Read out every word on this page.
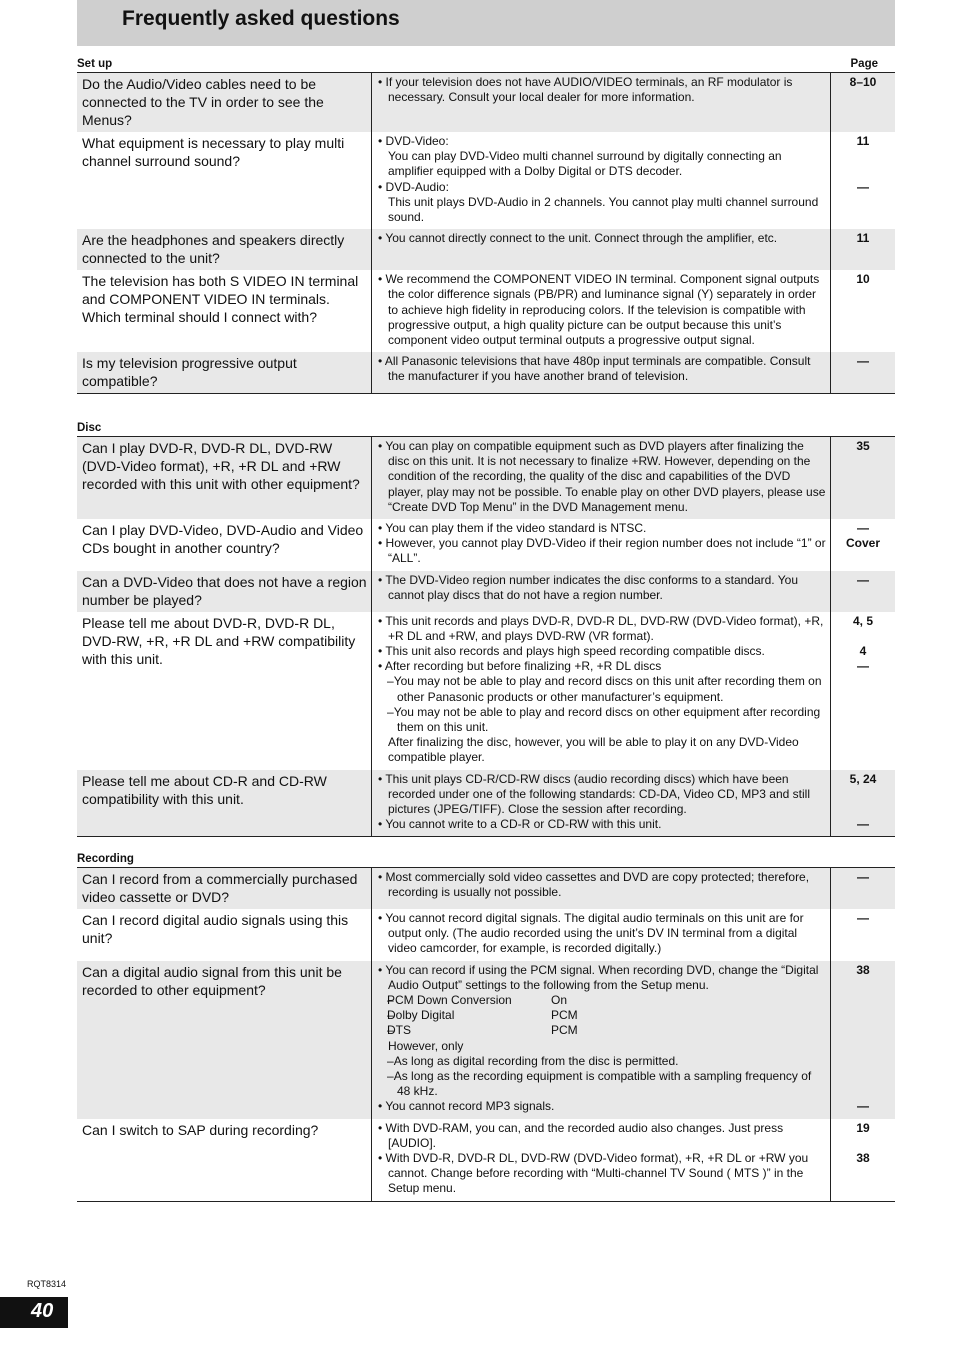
Frequently asked questions
Set up	Page
Do the Audio/Video cables need to be connected to the TV in order to see the Menus?
• If your television does not have AUDIO/VIDEO terminals, an RF modulator is necessary. Consult your local dealer for more information.
8–10
What equipment is necessary to play multi channel surround sound?
• DVD-Video:
You can play DVD-Video multi channel surround by digitally connecting an amplifier equipped with a Dolby Digital or DTS decoder.
• DVD-Audio:
This unit plays DVD-Audio in 2 channels. You cannot play multi channel surround sound.
11
—
Are the headphones and speakers directly connected to the unit?
• You cannot directly connect to the unit. Connect through the amplifier, etc.	11
The television has both S VIDEO IN terminal and COMPONENT VIDEO IN terminals. Which terminal should I connect with?
• We recommend the COMPONENT VIDEO IN terminal. Component signal outputs the color difference signals (PB/PR) and luminance signal (Y) separately in order to achieve high fidelity in reproducing colors. If the television is compatible with progressive output, a high quality picture can be output because this unit’s component video output terminal outputs a progressive output signal.
10
Is my television progressive output compatible?
• All Panasonic televisions that have 480p input terminals are compatible. Consult the manufacturer if you have another brand of television.
—
Disc
Can I play DVD-R, DVD-R DL, DVD-RW (DVD-Video format), +R, +R DL and +RW recorded with this unit with other equipment?
• You can play on compatible equipment such as DVD players after finalizing the disc on this unit. It is not necessary to finalize +RW. However, depending on the condition of the recording, the quality of the disc and capabilities of the DVD player, play may not be possible. To enable play on other DVD players, please use “Create DVD Top Menu” in the DVD Management menu.
35
Can I play DVD-Video, DVD-Audio and Video CDs bought in another country?
• You can play them if the video standard is NTSC.
• However, you cannot play DVD-Video if their region number does not include “1” or “ALL”.
—
Cover
Can a DVD-Video that does not have a region number be played?
• The DVD-Video region number indicates the disc conforms to a standard. You cannot play discs that do not have a region number.
—
Please tell me about DVD-R, DVD-R DL, DVD-RW, +R, +R DL and +RW compatibility with this unit.
• This unit records and plays DVD-R, DVD-R DL, DVD-RW (DVD-Video format), +R, +R DL and +RW, and plays DVD-RW (VR format).
• This unit also records and plays high speed recording compatible discs.
• After recording but before finalizing +R, +R DL discs
– You may not be able to play and record discs on this unit after recording them on other Panasonic products or other manufacturer’s equipment.
– You may not be able to play and record discs on other equipment after recording them on this unit.
After finalizing the disc, however, you will be able to play it on any DVD-Video compatible player.
4, 5
4
—
Please tell me about CD-R and CD-RW compatibility with this unit.
• This unit plays CD-R/CD-RW discs (audio recording discs) which have been recorded under one of the following standards: CD-DA, Video CD, MP3 and still pictures (JPEG/TIFF). Close the session after recording.
• You cannot write to a CD-R or CD-RW with this unit.
5, 24
—
Recording
Can I record from a commercially purchased video cassette or DVD?
• Most commercially sold video cassettes and DVD are copy protected; therefore, recording is usually not possible.
—
Can I record digital audio signals using this unit?
• You cannot record digital signals. The digital audio terminals on this unit are for output only. (The audio recorded using the unit’s DV IN terminal from a digital video camcorder, for example, is recorded digitally.)
—
Can a digital audio signal from this unit be recorded to other equipment?
• You can record if using the PCM signal. When recording DVD, change the “Digital Audio Output” settings to the following from the Setup menu.
– PCM Down Conversion	On
– Dolby Digital	PCM
– DTS	PCM
However, only
– As long as digital recording from the disc is permitted.
– As long as the recording equipment is compatible with a sampling frequency of 48 kHz.
• You cannot record MP3 signals.
38
—
Can I switch to SAP during recording?
•	With DVD-RAM, you can, and the recorded audio also changes. Just press [AUDIO].
• With DVD-R, DVD-R DL, DVD-RW (DVD-Video format), +R, +R DL or +RW you cannot. Change before recording with “Multi-channel TV Sound ( MTS )” in the Setup menu.
19
38
RQT8314
40
